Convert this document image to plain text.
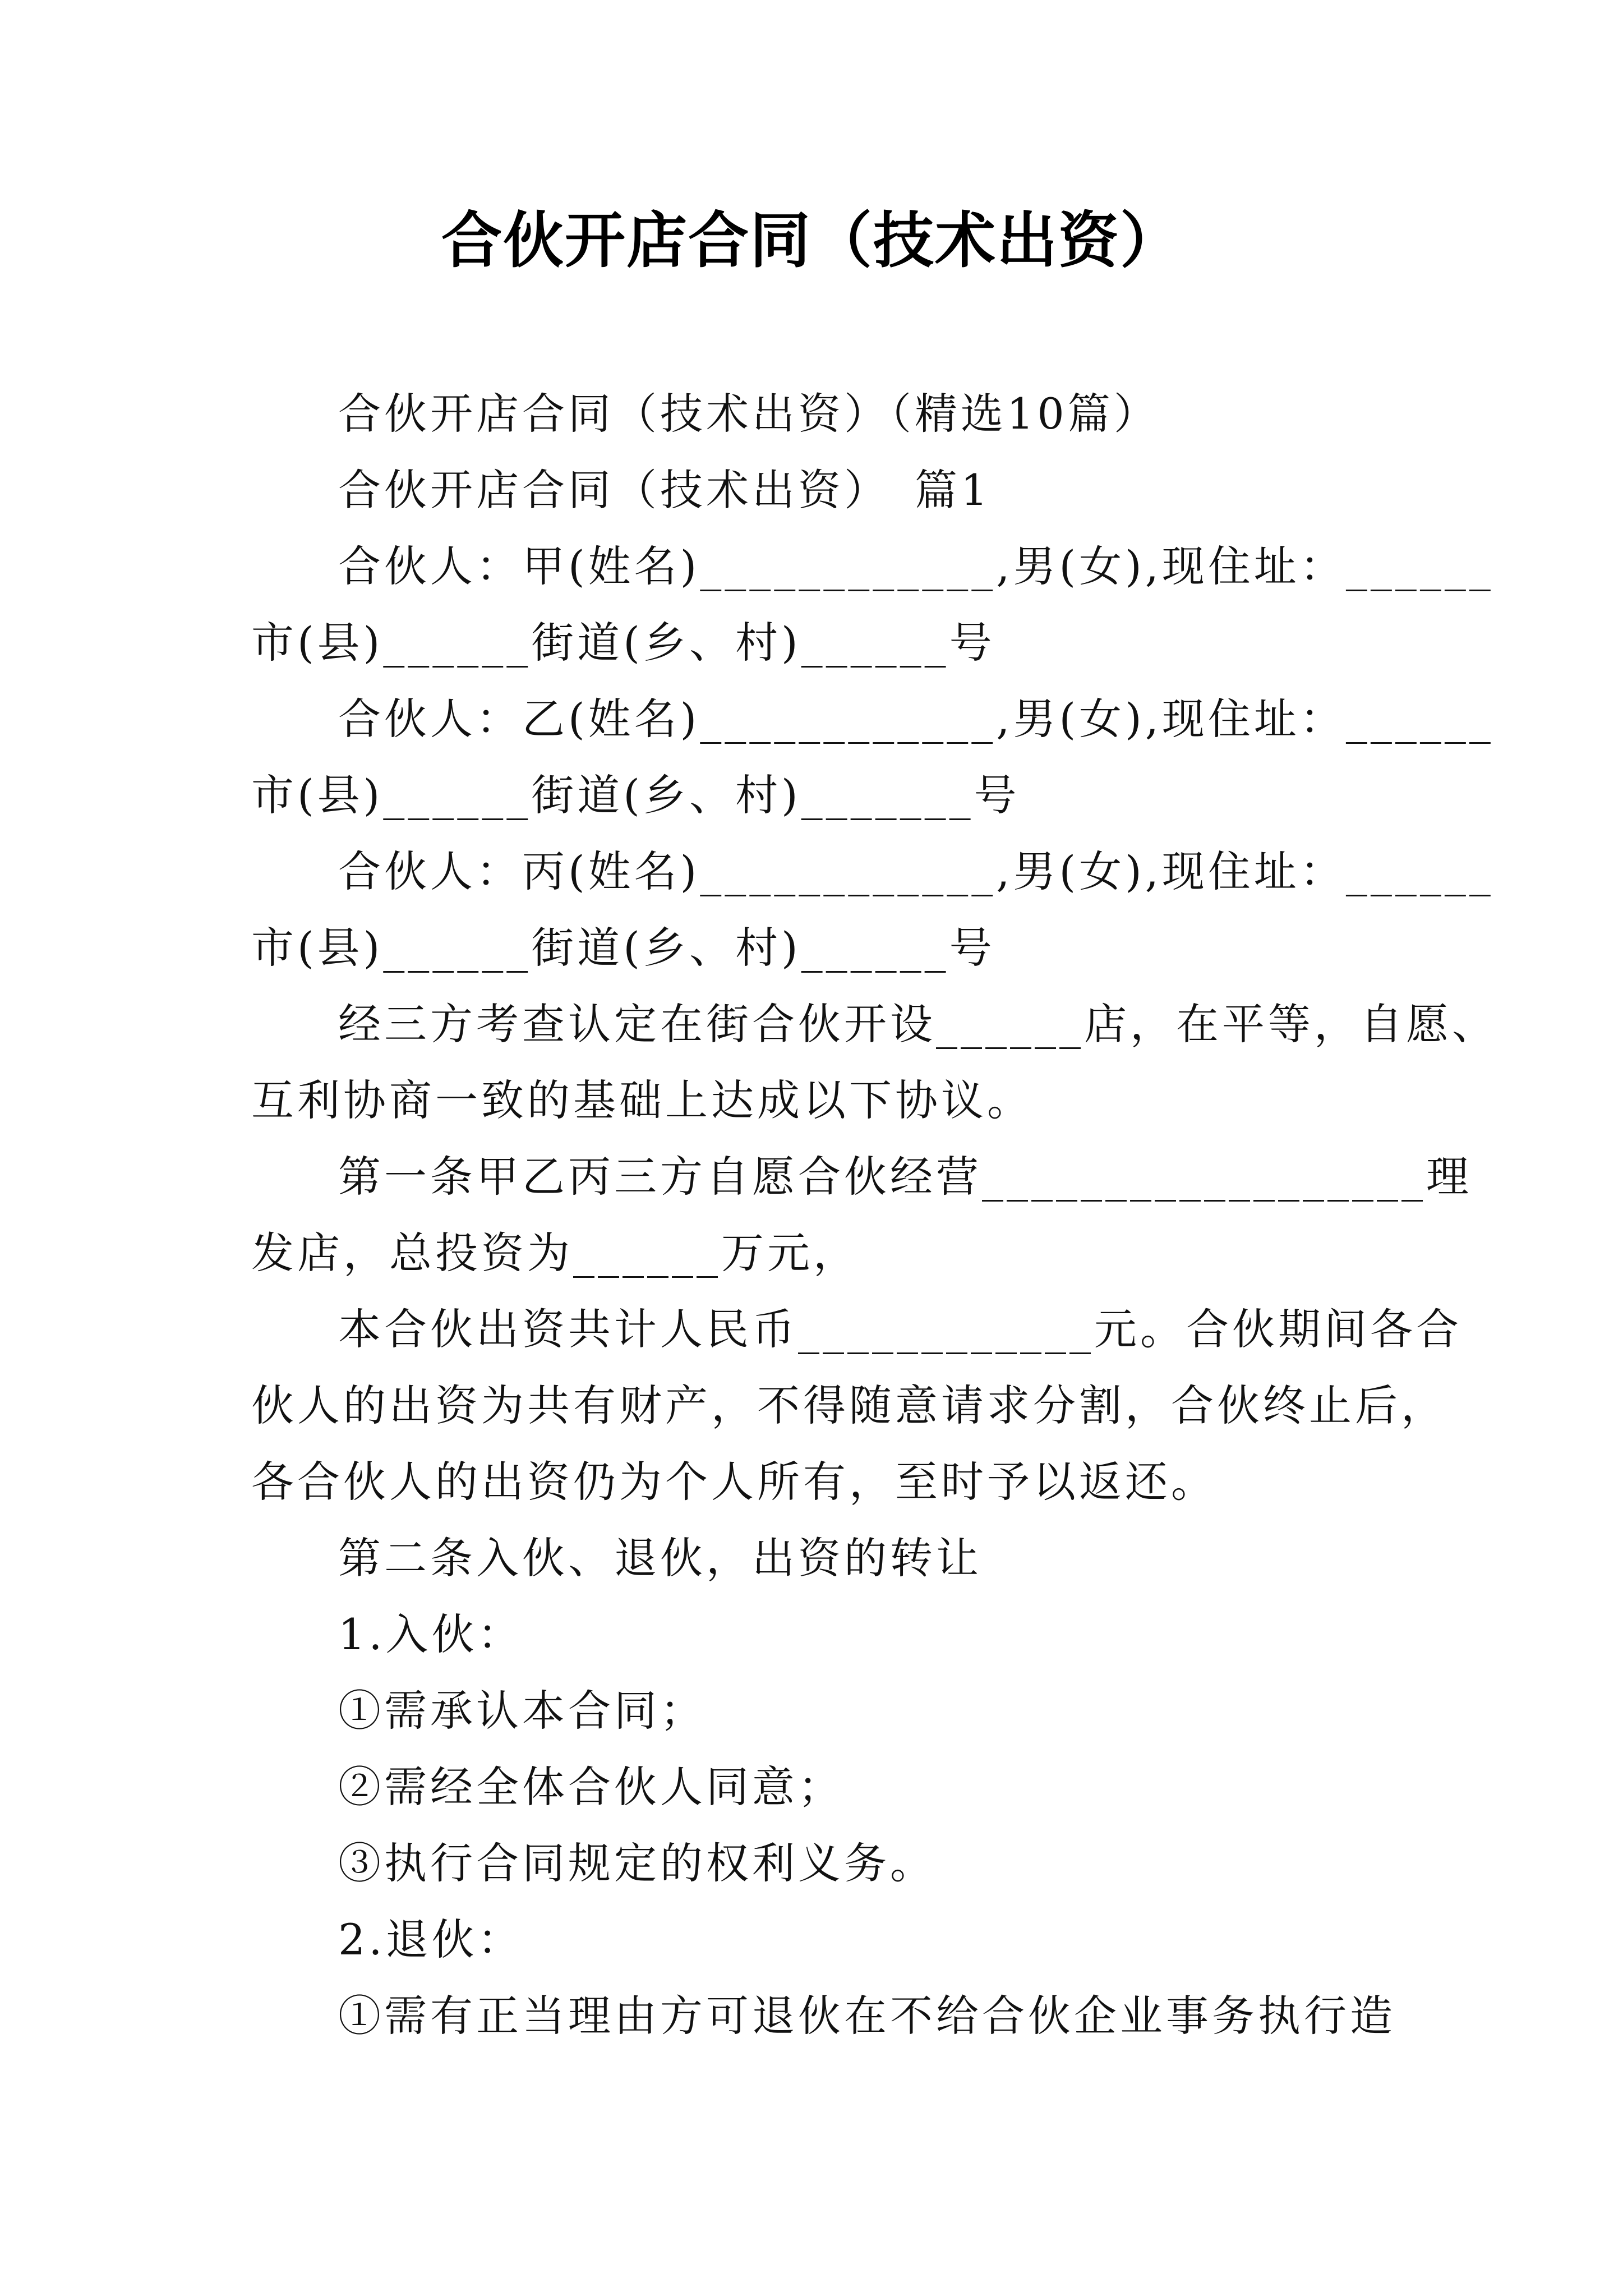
合伙开店合同（技术出资）
合伙开店合同（技术出资）（精选10篇）
合伙开店合同（技术出资）　篇1
合伙人：甲(姓名)____________,男(女),现住址：______
市(县)______街道(乡、村)______号
合伙人：乙(姓名)____________,男(女),现住址：______
市(县)______街道(乡、村)_______号
合伙人：丙(姓名)____________,男(女),现住址：______
市(县)______街道(乡、村)______号
经三方考查认定在街合伙开设______店，在平等，自愿、
互利协商一致的基础上达成以下协议。
第一条甲乙丙三方自愿合伙经营__________________理
发店，总投资为______万元，
本合伙出资共计人民币____________元。合伙期间各合
伙人的出资为共有财产，不得随意请求分割，合伙终止后，
各合伙人的出资仍为个人所有，至时予以返还。
第二条入伙、退伙，出资的转让
1.入伙：
①需承认本合同；
②需经全体合伙人同意；
③执行合同规定的权利义务。
2.退伙：
①需有正当理由方可退伙在不给合伙企业事务执行造
